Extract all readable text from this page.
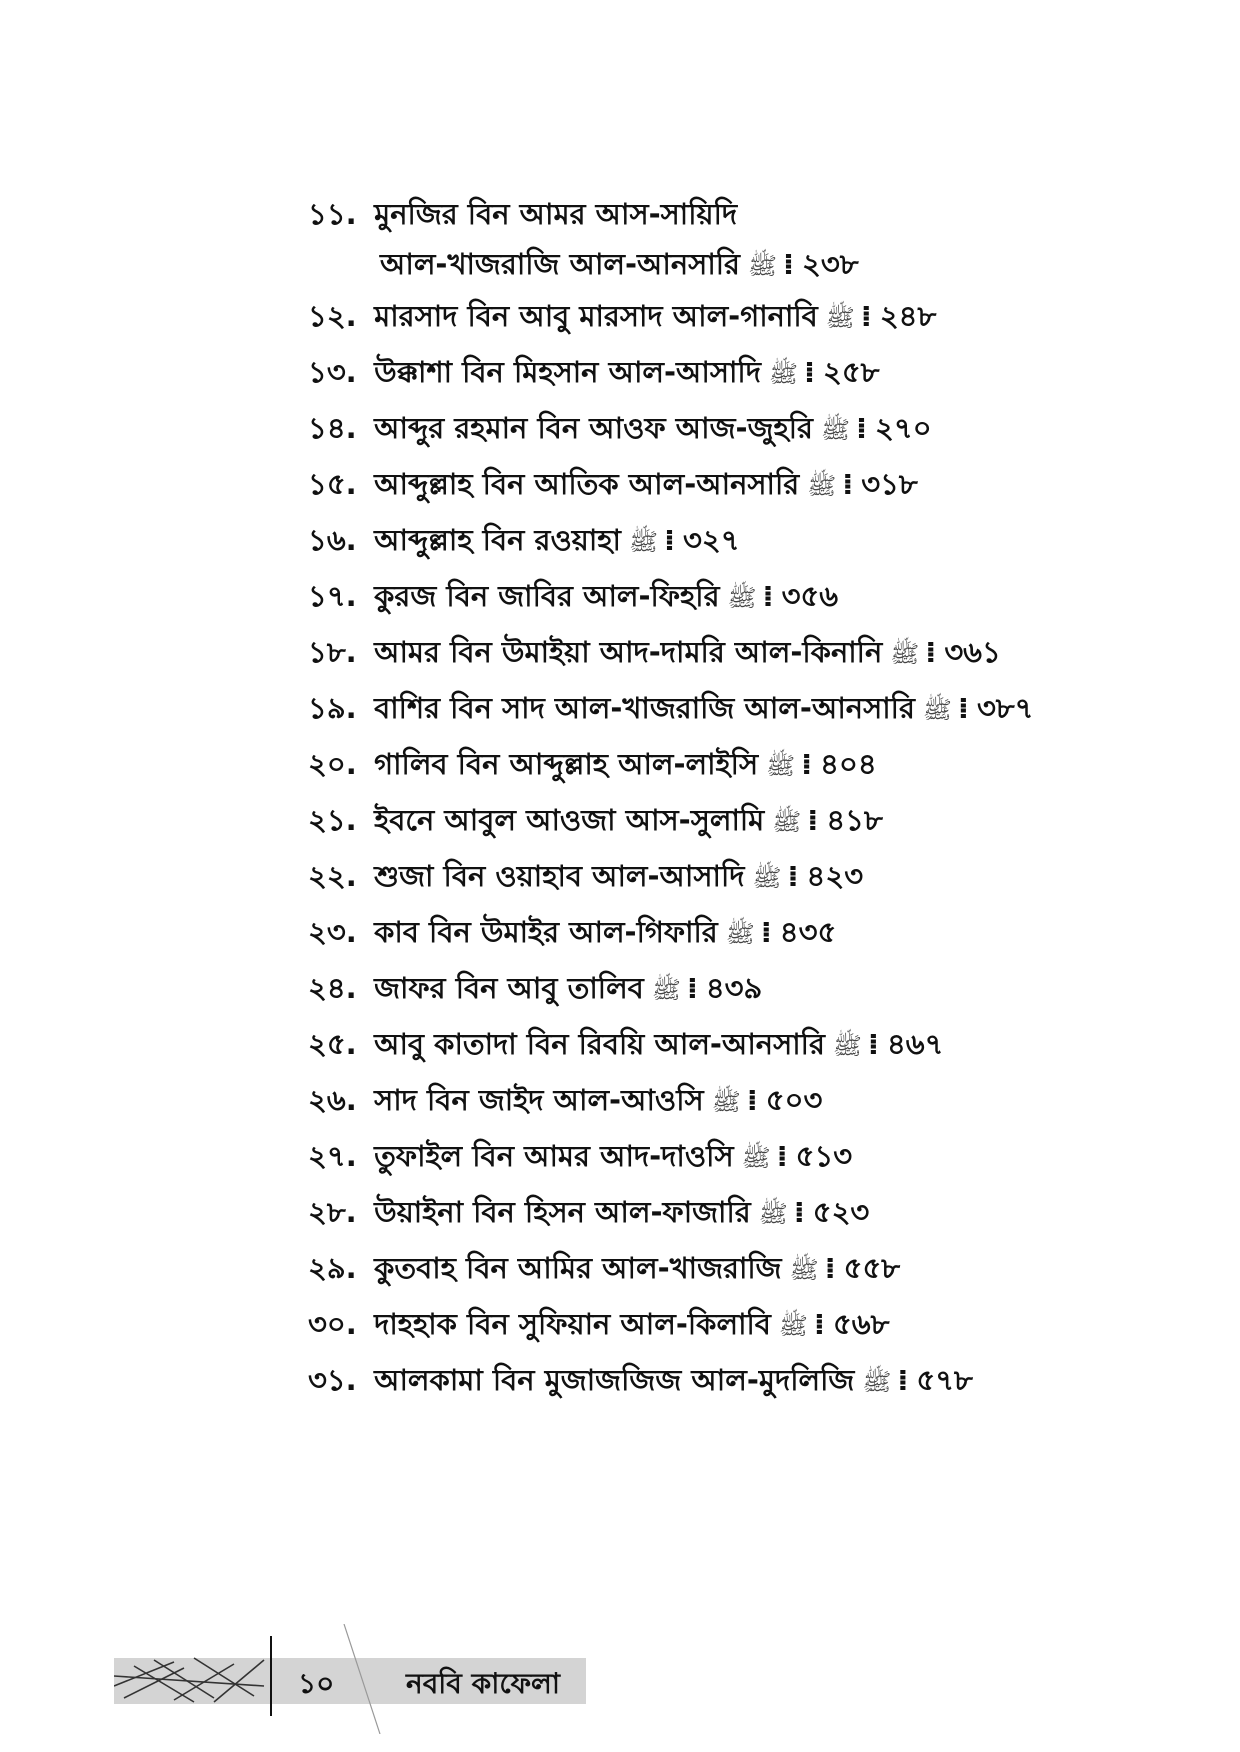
১১. মুনজির বিন আমর আস-সায়িদি
আল-খাজরাজি আল-আনসারি ﷺ ⁞ ২৩৮
১২. মারসাদ বিন আবু মারসাদ আল-গানাবি ﷺ ⁞ ২৪৮
১৩. উক্কাশা বিন মিহসান আল-আসাদি ﷺ ⁞ ২৫৮
১৪. আব্দুর রহমান বিন আওফ আজ-জুহরি ﷺ ⁞ ২৭০
১৫. আব্দুল্লাহ বিন আতিক আল-আনসারি ﷺ ⁞ ৩১৮
১৬. আব্দুল্লাহ বিন রওয়াহা ﷺ ⁞ ৩২৭
১৭. কুরজ বিন জাবির আল-ফিহরি ﷺ ⁞ ৩৫৬
১৮. আমর বিন উমাইয়া আদ-দামরি আল-কিনানি ﷺ ⁞ ৩৬১
১৯. বাশির বিন সাদ আল-খাজরাজি আল-আনসারি ﷺ ⁞ ৩৮৭
২০. গালিব বিন আব্দুল্লাহ আল-লাইসি ﷺ ⁞ ৪০৪
২১. ইবনে আবুল আওজা আস-সুলামি ﷺ ⁞ ৪১৮
২২. শুজা বিন ওয়াহাব আল-আসাদি ﷺ ⁞ ৪২৩
২৩. কাব বিন উমাইর আল-গিফারি ﷺ ⁞ ৪৩৫
২৪. জাফর বিন আবু তালিব ﷺ ⁞ ৪৩৯
২৫. আবু কাতাদা বিন রিবয়ি আল-আনসারি ﷺ ⁞ ৪৬৭
২৬. সাদ বিন জাইদ আল-আওসি ﷺ ⁞ ৫০৩
২৭. তুফাইল বিন আমর আদ-দাওসি ﷺ ⁞ ৫১৩
২৮. উয়াইনা বিন হিসন আল-ফাজারি ﷺ ⁞ ৫২৩
২৯. কুতবাহ বিন আমির আল-খাজরাজি ﷺ ⁞ ৫৫৮
৩০. দাহহাক বিন সুফিয়ান আল-কিলাবি ﷺ ⁞ ৫৬৮
৩১. আলকামা বিন মুজাজজিজ আল-মুদলিজি ﷺ ⁞ ৫৭৮
১০	নববি কাফেলা
